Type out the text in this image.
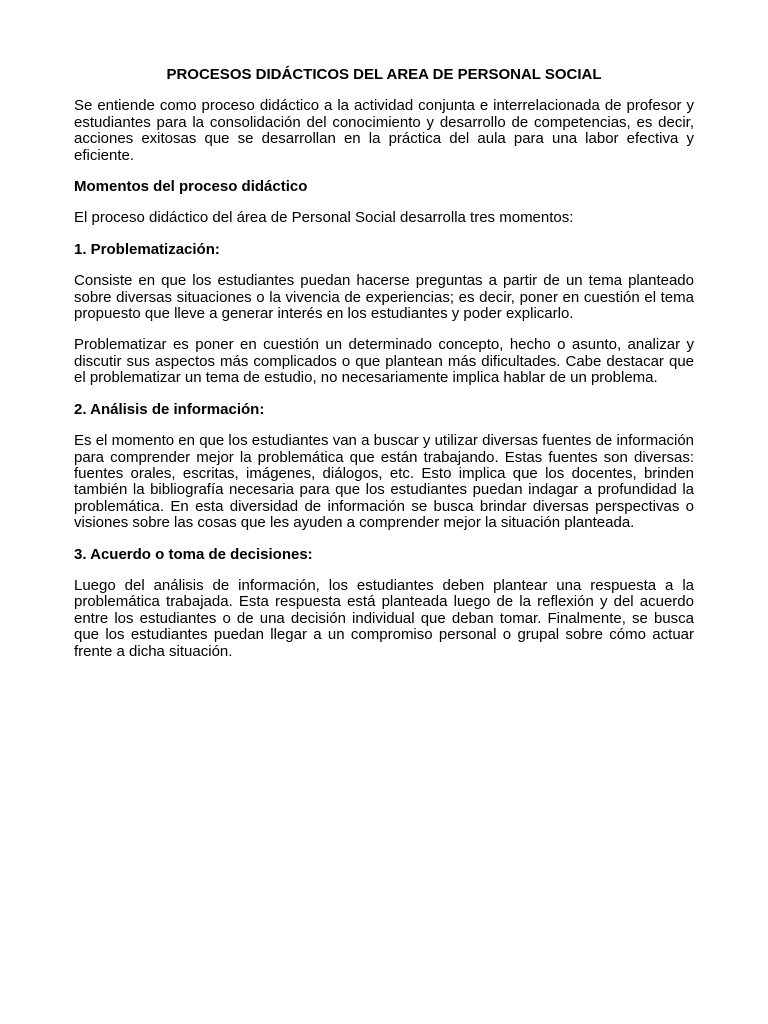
PROCESOS DIDÁCTICOS DEL AREA DE PERSONAL SOCIAL
Se entiende como proceso didáctico a la actividad conjunta e interrelacionada de profesor y estudiantes para la consolidación del conocimiento y desarrollo de competencias, es decir, acciones exitosas que se desarrollan en la práctica del aula para una labor efectiva y eficiente.
Momentos del proceso didáctico
El proceso didáctico del área de Personal Social desarrolla tres momentos:
1. Problematización:
Consiste en que los estudiantes puedan hacerse preguntas a partir de un tema planteado sobre diversas situaciones o la vivencia de experiencias; es decir, poner en cuestión el tema propuesto que lleve a generar interés en los estudiantes y poder explicarlo.
Problematizar es poner en cuestión un determinado concepto, hecho o asunto, analizar y discutir sus aspectos más complicados o que plantean más dificultades. Cabe destacar que el problematizar un tema de estudio, no necesariamente implica hablar de un problema.
2. Análisis de información:
Es el momento en que los estudiantes van a buscar y utilizar diversas fuentes de información para comprender mejor la problemática que están trabajando. Estas fuentes son diversas: fuentes orales, escritas, imágenes, diálogos, etc. Esto implica que los docentes, brinden también la bibliografía necesaria para que los estudiantes puedan indagar a profundidad la problemática. En esta diversidad de información se busca brindar diversas perspectivas o visiones sobre las cosas que les ayuden a comprender mejor la situación planteada.
3. Acuerdo o toma de decisiones:
Luego del análisis de información, los estudiantes deben plantear una respuesta a la problemática trabajada. Esta respuesta está planteada luego de la reflexión y del acuerdo entre los estudiantes o de una decisión individual que deban tomar. Finalmente, se busca que los estudiantes puedan llegar a un compromiso personal o grupal sobre cómo actuar frente a dicha situación.
